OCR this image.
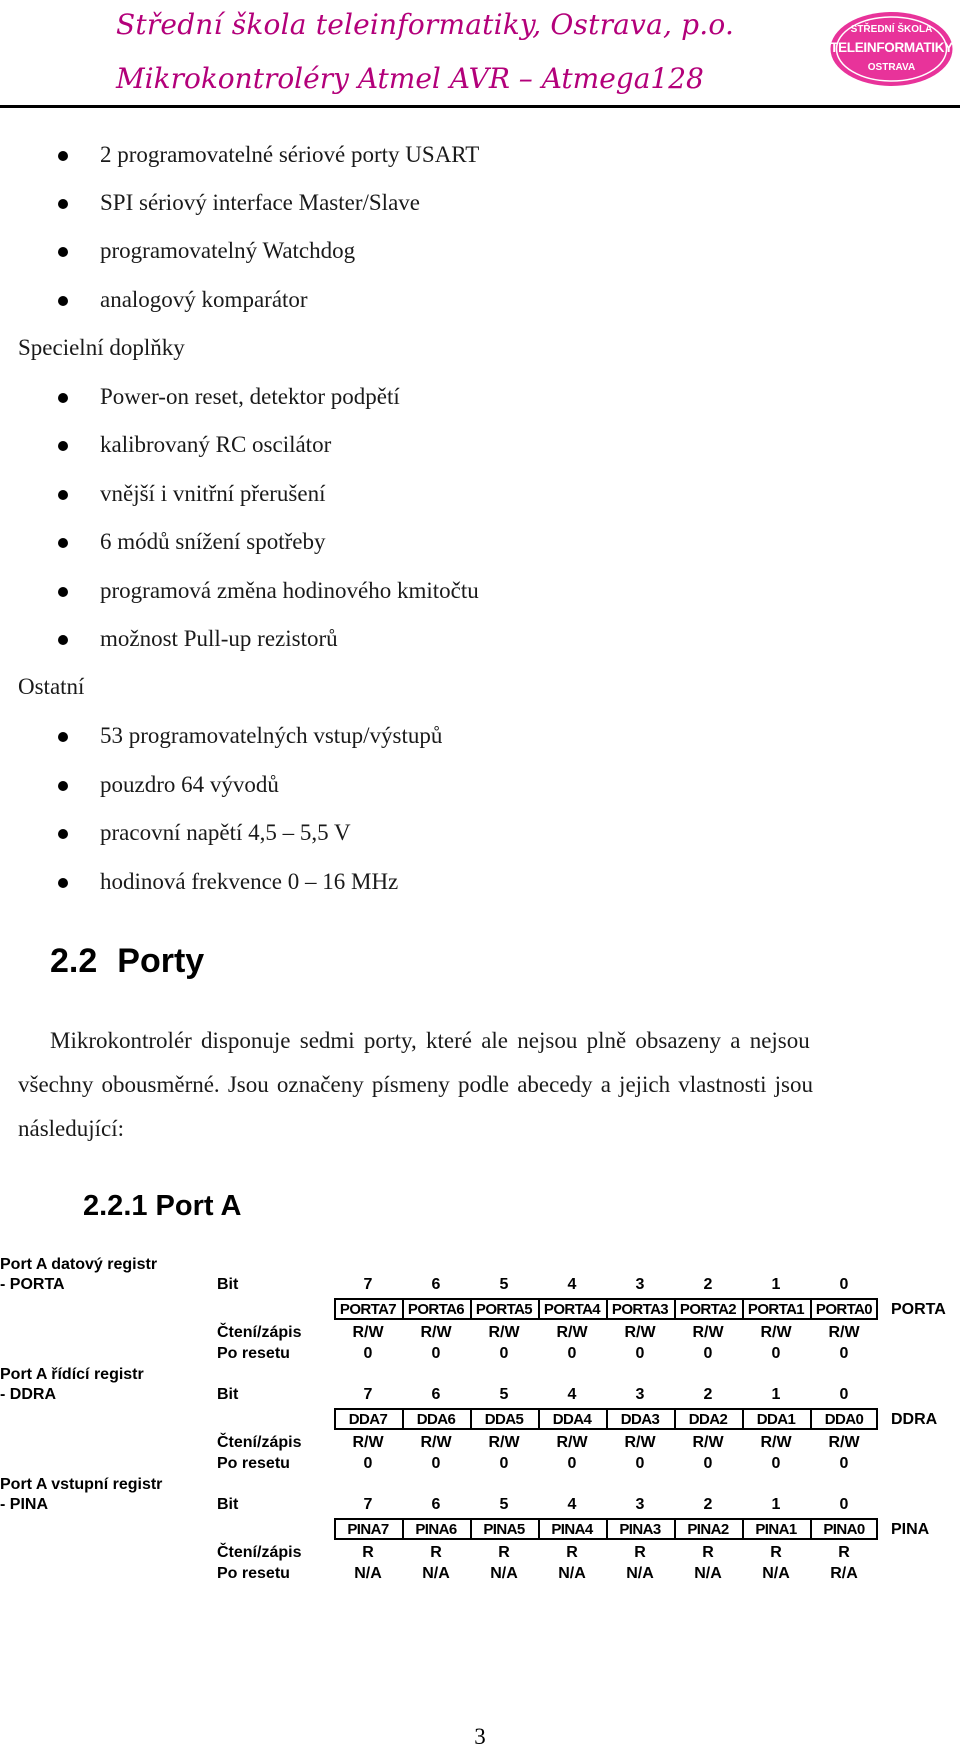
Střední škola teleinformatiky, Ostrava, p.o.
Mikrokontroléry Atmel AVR – Atmega128
STŘEDNÍ ŠKOLA
TELEINFORMATIKY
OSTRAVA
2 programovatelné sériové porty USART
SPI sériový interface Master/Slave
programovatelný Watchdog
analogový komparátor
Specielní doplňky
Power-on reset, detektor podpětí
kalibrovaný RC oscilátor
vnější i vnitřní přerušení
6 módů snížení spotřeby
programová změna hodinového kmitočtu
možnost Pull-up rezistorů
Ostatní
53 programovatelných vstup/výstupů
pouzdro 64 vývodů
pracovní napětí 4,5 – 5,5 V
hodinová frekvence 0 – 16 MHz
2.2 Porty
Mikrokontrolér disponuje sedmi porty, které ale nejsou plně obsazeny a nejsou
všechny obousměrné. Jsou označeny písmeny podle abecedy a jejich vlastnosti jsou
následující:
2.2.1 Port A
Port A datový registr
- PORTA	Bit	7	6	5	4	3	2	1	0
PORTA7 PORTA6 PORTA5 PORTA4 PORTA3 PORTA2 PORTA1 PORTA0	PORTA
Čtení/zápis	R/W	R/W	R/W	R/W	R/W	R/W	R/W	R/W
Po resetu	0	0	0	0	0	0	0	0
Port A řídící registr
- DDRA	Bit	7	6	5	4	3	2	1	0
DDA7	DDA6	DDA5	DDA4	DDA3	DDA2	DDA1	DDA0	DDRA
Čtení/zápis	R/W	R/W	R/W	R/W	R/W	R/W	R/W	R/W
Po resetu	0	0	0	0	0	0	0	0
Port A vstupní registr
- PINA	Bit	7	6	5	4	3	2	1	0
PINA7	PINA6	PINA5	PINA4	PINA3	PINA2	PINA1	PINA0	PINA
Čtení/zápis	R	R	R	R	R	R	R	R
Po resetu	N/A	N/A	N/A	N/A	N/A	N/A	N/A	R/A
3
